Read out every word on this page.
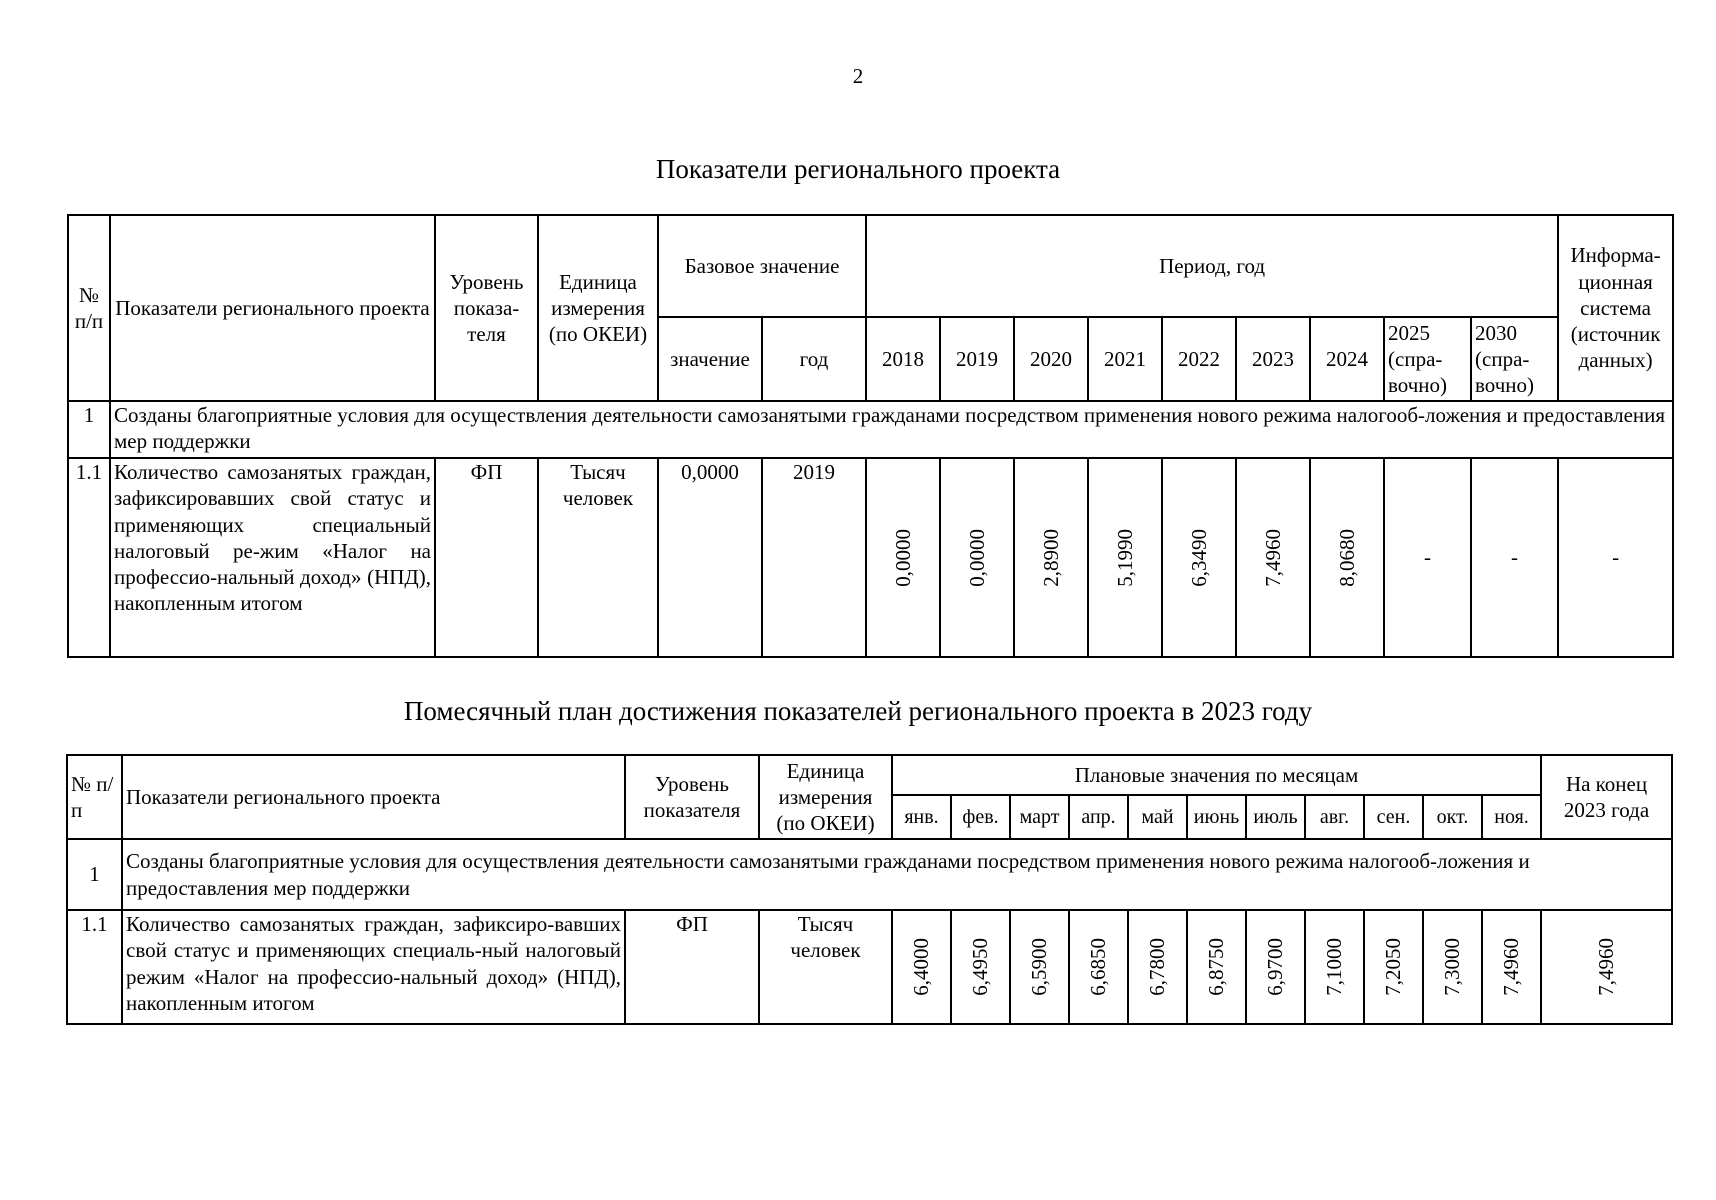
2
Показатели регионального проекта
№ п/п	Показатели регионального проекта	Уровень показа-теля	Единица измерения (по ОКЕИ)	Базовое значение		Период, год									Информа-ционная система (источник данных)
				значение	год	2018	2019	2020	2021	2022	2023	2024	2025 (спра-вочно)	2030 (спра-вочно)	
1	Созданы благоприятные условия для осуществления деятельности самозанятыми гражданами посредством применения нового режима налогооб-ложения и предоставления мер поддержки														
1.1	Количество самозанятых граждан, зафиксировавших свой статус и применяющих специальный налоговый ре-жим «Налог на профессио-нальный доход» (НПД), накопленным итогом	ФП	Тысяч человек	0,0000	2019	0,0000	0,0000	2,8900	5,1990	6,3490	7,4960	8,0680	-	-	-
Помесячный план достижения показателей регионального проекта в 2023 году
№ п/п	Показатели регионального проекта	Уровень показателя	Единица измерения (по ОКЕИ)	Плановые значения по месяцам											На конец 2023 года
				янв.	фев.	март	апр.	май	июнь	июль	авг.	сен.	окт.	ноя.	
1	Созданы благоприятные условия для осуществления деятельности самозанятыми гражданами посредством применения нового режима налогооб-ложения и предоставления мер поддержки														
1.1	Количество самозанятых граждан, зафиксиро-вавших свой статус и применяющих специаль-ный налоговый режим «Налог на профессио-нальный доход» (НПД), накопленным итогом	ФП	Тысяч человек	6,4000	6,4950	6,5900	6,6850	6,7800	6,8750	6,9700	7,1000	7,2050	7,3000	7,4960	7,4960
